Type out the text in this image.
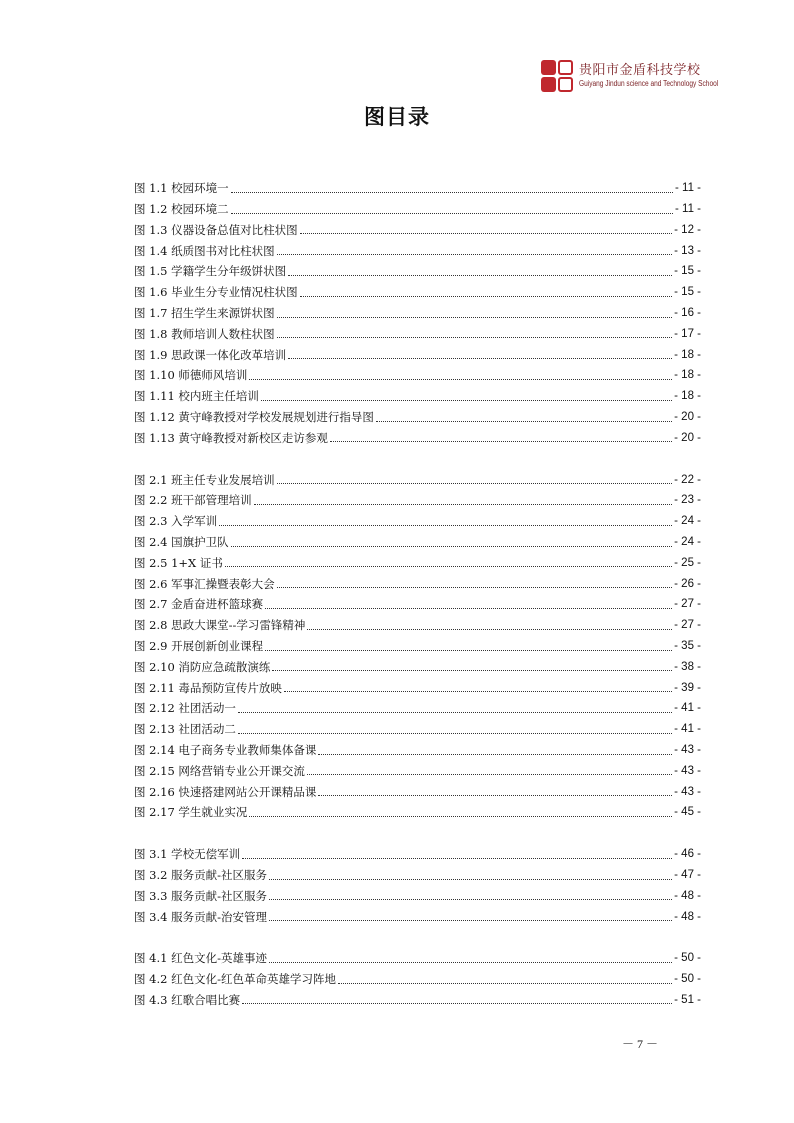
贵阳市金盾科技学校
Guiyang Jindun science and Technology School
图目录
图 1.1 校园环境一	- 11 -
图 1.2 校园环境二	- 11 -
图 1.3 仪器设备总值对比柱状图	- 12 -
图 1.4 纸质图书对比柱状图	- 13 -
图 1.5 学籍学生分年级饼状图	- 15 -
图 1.6 毕业生分专业情况柱状图	- 15 -
图 1.7 招生学生来源饼状图	- 16 -
图 1.8 教师培训人数柱状图	- 17 -
图 1.9 思政课一体化改革培训	- 18 -
图 1.10 师德师风培训	- 18 -
图 1.11 校内班主任培训	- 18 -
图 1.12 黄守峰教授对学校发展规划进行指导图	- 20 -
图 1.13 黄守峰教授对新校区走访参观	- 20 -
图 2.1 班主任专业发展培训	- 22 -
图 2.2 班干部管理培训	- 23 -
图 2.3 入学军训	- 24 -
图 2.4 国旗护卫队	- 24 -
图 2.5 1+X 证书	- 25 -
图 2.6 军事汇操暨表彰大会	- 26 -
图 2.7 金盾奋进杯篮球赛	- 27 -
图 2.8 思政大课堂--学习雷锋精神	- 27 -
图 2.9 开展创新创业课程	- 35 -
图 2.10 消防应急疏散演练	- 38 -
图 2.11 毒品预防宣传片放映	- 39 -
图 2.12 社团活动一	- 41 -
图 2.13 社团活动二	- 41 -
图 2.14 电子商务专业教师集体备课	- 43 -
图 2.15 网络营销专业公开课交流	- 43 -
图 2.16 快速搭建网站公开课精品课	- 43 -
图 2.17 学生就业实况	- 45 -
图 3.1 学校无偿军训	- 46 -
图 3.2 服务贡献-社区服务	- 47 -
图 3.3 服务贡献-社区服务	- 48 -
图 3.4 服务贡献-治安管理	- 48 -
图 4.1 红色文化-英雄事迹	- 50 -
图 4.2 红色文化-红色革命英雄学习阵地	- 50 -
图 4.3 红歌合唱比赛	- 51 -
－ 7 －
